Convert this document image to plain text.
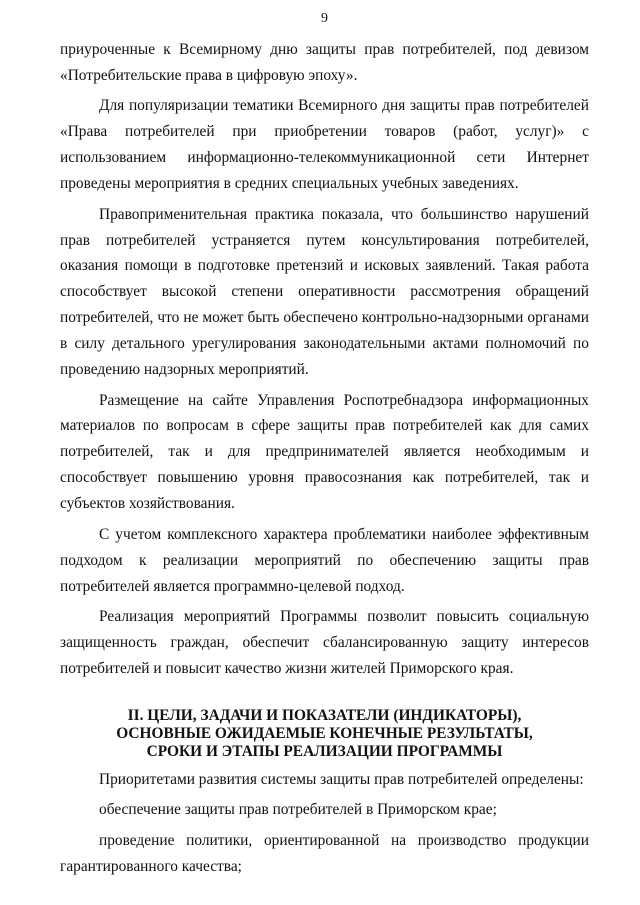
9

приуроченные к Всемирному дню защиты прав потребителей, под девизом «Потребительские права в цифровую эпоху».

Для популяризации тематики Всемирного дня защиты прав потребителей «Права потребителей при приобретении товаров (работ, услуг)» с использованием информационно-телекоммуникационной сети Интернет проведены мероприятия в средних специальных учебных заведениях.

Правоприменительная практика показала, что большинство нарушений прав потребителей устраняется путем консультирования потребителей, оказания помощи в подготовке претензий и исковых заявлений. Такая работа способствует высокой степени оперативности рассмотрения обращений потребителей, что не может быть обеспечено контрольно-надзорными органами в силу детального урегулирования законодательными актами полномочий по проведению надзорных мероприятий.

Размещение на сайте Управления Роспотребнадзора информационных материалов по вопросам в сфере защиты прав потребителей как для самих потребителей, так и для предпринимателей является необходимым и способствует повышению уровня правосознания как потребителей, так и субъектов хозяйствования.

С учетом комплексного характера проблематики наиболее эффективным подходом к реализации мероприятий по обеспечению защиты прав потребителей является программно-целевой подход.

Реализация мероприятий Программы позволит повысить социальную защищенность граждан, обеспечит сбалансированную защиту интересов потребителей и повысит качество жизни жителей Приморского края.

II. ЦЕЛИ, ЗАДАЧИ И ПОКАЗАТЕЛИ (ИНДИКАТОРЫ),
ОСНОВНЫЕ ОЖИДАЕМЫЕ КОНЕЧНЫЕ РЕЗУЛЬТАТЫ,
СРОКИ И ЭТАПЫ РЕАЛИЗАЦИИ ПРОГРАММЫ

Приоритетами развития системы защиты прав потребителей определены:

обеспечение защиты прав потребителей в Приморском крае;

проведение политики, ориентированной на производство продукции гарантированного качества;
